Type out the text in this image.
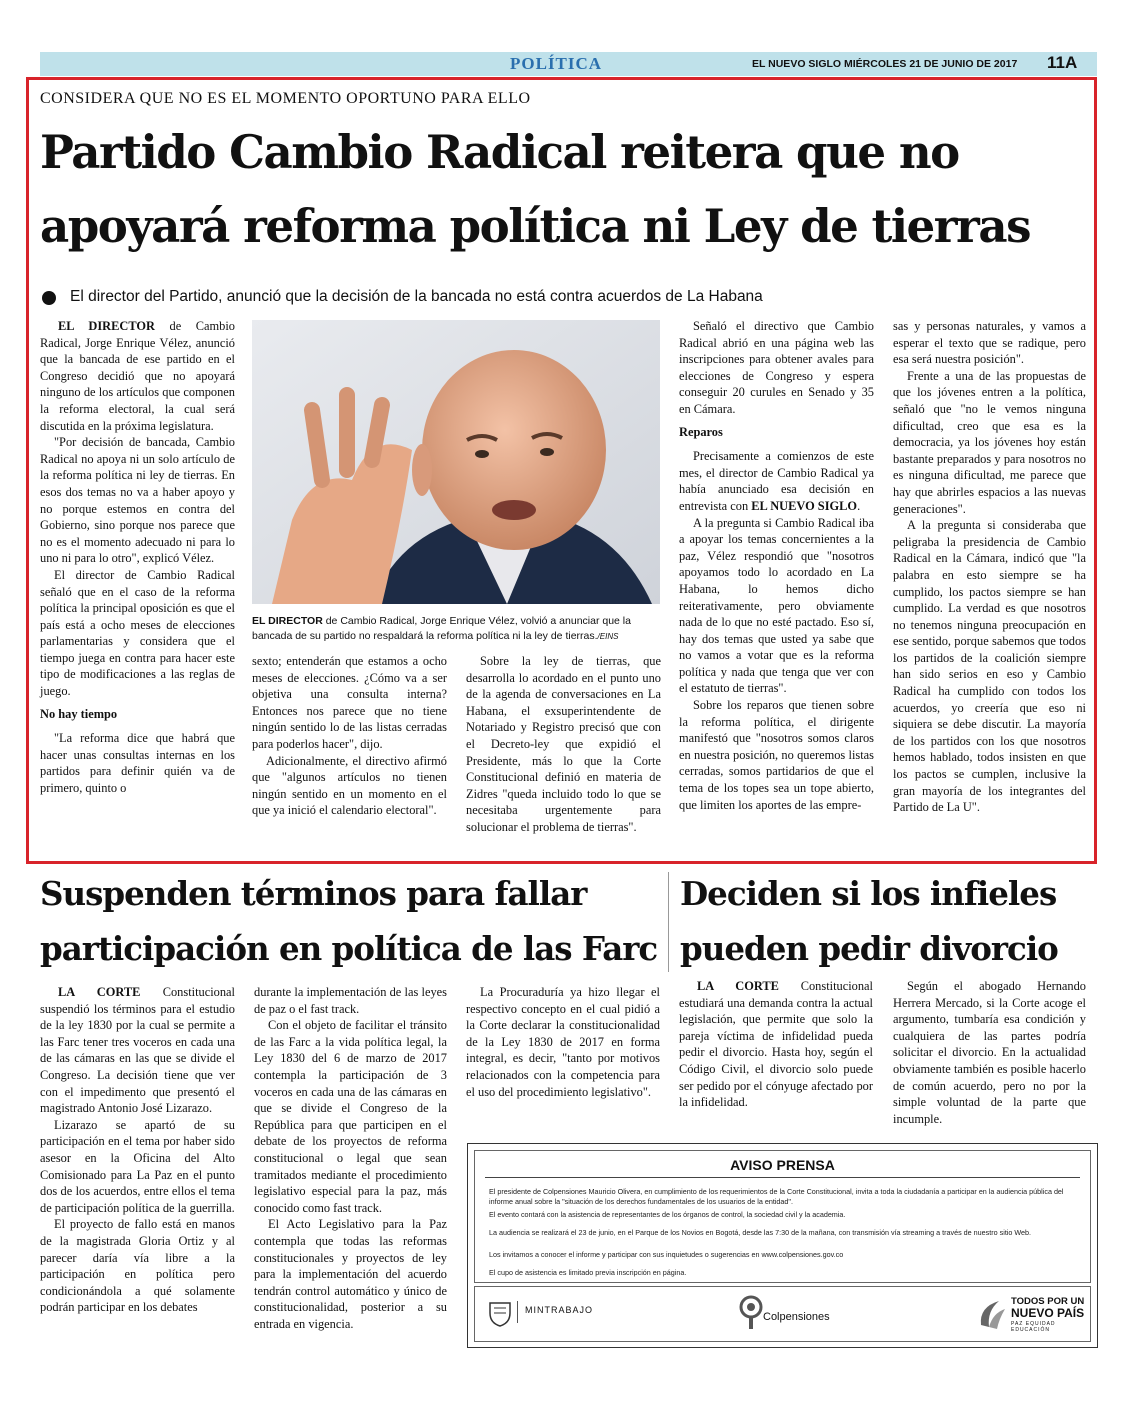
POLÍTICA	EL NUEVO SIGLO MIÉRCOLES 21 DE JUNIO DE 2017 11A
CONSIDERA QUE NO ES EL MOMENTO OPORTUNO PARA ELLO
Partido Cambio Radical reitera que no
apoyará reforma política ni Ley de tierras
El director del Partido, anunció que la decisión de la bancada no está contra acuerdos de La Habana

EL DIRECTOR de Cambio Radical, Jorge Enrique Vélez, anunció que la bancada de ese partido en el Congreso decidió que no apoyará ninguno de los artículos que componen la reforma electoral, la cual será discutida en la próxima legislatura.

"Por decisión de bancada, Cambio Radical no apoya ni un solo artículo de la reforma política ni ley de tierras. En esos dos temas no va a haber apoyo y no porque estemos en contra del Gobierno, sino porque nos parece que no es el momento adecuado ni para lo uno ni para lo otro", explicó Vélez.

El director de Cambio Radical señaló que en el caso de la reforma política la principal oposición es que el país está a ocho meses de elecciones parlamentarias y considera que el tiempo juega en contra para hacer este tipo de modificaciones a las reglas de juego.

No hay tiempo

"La reforma dice que habrá que hacer unas consultas internas en los partidos para definir quién va de primero, quinto o

EL DIRECTOR de Cambio Radical, Jorge Enrique Vélez, volvió a anunciar que la bancada de su partido no respaldará la reforma política ni la ley de tierras./EINS

sexto; entenderán que estamos a ocho meses de elecciones. ¿Cómo va a ser objetiva una consulta interna? Entonces nos parece que no tiene ningún sentido lo de las listas cerradas para poderlos hacer", dijo.

Adicionalmente, el directivo afirmó que "algunos artículos no tienen ningún sentido en un momento en el que ya inició el calendario electoral".

Sobre la ley de tierras, que desarrolla lo acordado en el punto uno de la agenda de conversaciones en La Habana, el exsuperintendente de Notariado y Registro precisó que con el Decreto-ley que expidió el Presidente, más lo que la Corte Constitucional definió en materia de Zidres "queda incluido todo lo que se necesitaba urgentemente para solucionar el problema de tierras".

Señaló el directivo que Cambio Radical abrió en una página web las inscripciones para obtener avales para elecciones de Congreso y espera conseguir 20 curules en Senado y 35 en Cámara.

Reparos

Precisamente a comienzos de este mes, el director de Cambio Radical ya había anunciado esa decisión en entrevista con EL NUEVO SIGLO.

A la pregunta si Cambio Radical iba a apoyar los temas concernientes a la paz, Vélez respondió que "nosotros apoyamos todo lo acordado en La Habana, lo hemos dicho reiterativamente, pero obviamente nada de lo que no esté pactado. Eso sí, hay dos temas que usted ya sabe que no vamos a votar que es la reforma política y nada que tenga que ver con el estatuto de tierras".

Sobre los reparos que tienen sobre la reforma política, el dirigente manifestó que "nosotros somos claros en nuestra posición, no queremos listas cerradas, somos partidarios de que el tema de los topes sea un tope abierto, que limiten los aportes de las empre-

sas y personas naturales, y vamos a esperar el texto que se radique, pero esa será nuestra posición".

Frente a una de las propuestas de que los jóvenes entren a la política, señaló que "no le vemos ninguna dificultad, creo que esa es la democracia, ya los jóvenes hoy están bastante preparados y para nosotros no es ninguna dificultad, me parece que hay que abrirles espacios a las nuevas generaciones".

A la pregunta si consideraba que peligraba la presidencia de Cambio Radical en la Cámara, indicó que "la palabra en esto siempre se ha cumplido, los pactos siempre se han cumplido. La verdad es que nosotros no tenemos ninguna preocupación en ese sentido, porque sabemos que todos los partidos de la coalición siempre han sido serios en eso y Cambio Radical ha cumplido con todos los acuerdos, yo creería que eso ni siquiera se debe discutir. La mayoría de los partidos con los que nosotros hemos hablado, todos insisten en que los pactos se cumplen, inclusive la gran mayoría de los integrantes del Partido de La U".

Suspenden términos para fallar
participación en política de las Farc

LA CORTE Constitucional suspendió los términos para el estudio de la ley 1830 por la cual se permite a las Farc tener tres voceros en cada una de las cámaras en las que se divide el Congreso. La decisión tiene que ver con el impedimento que presentó el magistrado Antonio José Lizarazo.

Lizarazo se apartó de su participación en el tema por haber sido asesor en la Oficina del Alto Comisionado para La Paz en el punto dos de los acuerdos, entre ellos el tema de participación política de la guerrilla.

El proyecto de fallo está en manos de la magistrada Gloria Ortiz y al parecer daría vía libre a la participación en política pero condicionándola a qué solamente podrán participar en los debates

durante la implementación de las leyes de paz o el fast track.

Con el objeto de facilitar el tránsito de las Farc a la vida política legal, la Ley 1830 del 6 de marzo de 2017 contempla la participación de 3 voceros en cada una de las cámaras en que se divide el Congreso de la República para que participen en el debate de los proyectos de reforma constitucional o legal que sean tramitados mediante el procedimiento legislativo especial para la paz, más conocido como fast track.

El Acto Legislativo para la Paz contempla que todas las reformas constitucionales y proyectos de ley para la implementación del acuerdo tendrán control automático y único de constitucionalidad, posterior a su entrada en vigencia.

La Procuraduría ya hizo llegar el respectivo concepto en el cual pidió a la Corte declarar la constitucionalidad de la Ley 1830 de 2017 en forma integral, es decir, "tanto por motivos relacionados con la competencia para el uso del procedimiento legislativo".

Deciden si los infieles
pueden pedir divorcio

LA CORTE Constitucional estudiará una demanda contra la actual legislación, que permite que solo la pareja víctima de infidelidad pueda pedir el divorcio. Hasta hoy, según el Código Civil, el divorcio solo puede ser pedido por el cónyuge afectado por la infidelidad.

Según el abogado Hernando Herrera Mercado, si la Corte acoge el argumento, tumbaría esa condición y cualquiera de las partes podría solicitar el divorcio. En la actualidad obviamente también es posible hacerlo de común acuerdo, pero no por la simple voluntad de la parte que incumple.

AVISO PRENSA
El presidente de Colpensiones Mauricio Olivera, en cumplimiento de los requerimientos de la Corte Constitucional, invita a toda la ciudadanía a participar en la audiencia pública del informe anual sobre la "situación de los derechos fundamentales de los usuarios de la entidad".
El evento contará con la asistencia de representantes de los órganos de control, la sociedad civil y la academia.
La audiencia se realizará el 23 de junio, en el Parque de los Novios en Bogotá, desde las 7:30 de la mañana, con transmisión vía streaming a través de nuestro sitio Web.
Los invitamos a conocer el informe y participar con sus inquietudes o sugerencias en www.colpensiones.gov.co
El cupo de asistencia es limitado previa inscripción en página.
MINTRABAJO
Colpensiones
TODOS POR UN
NUEVO PAÍS
PAZ EQUIDAD EDUCACIÓN
